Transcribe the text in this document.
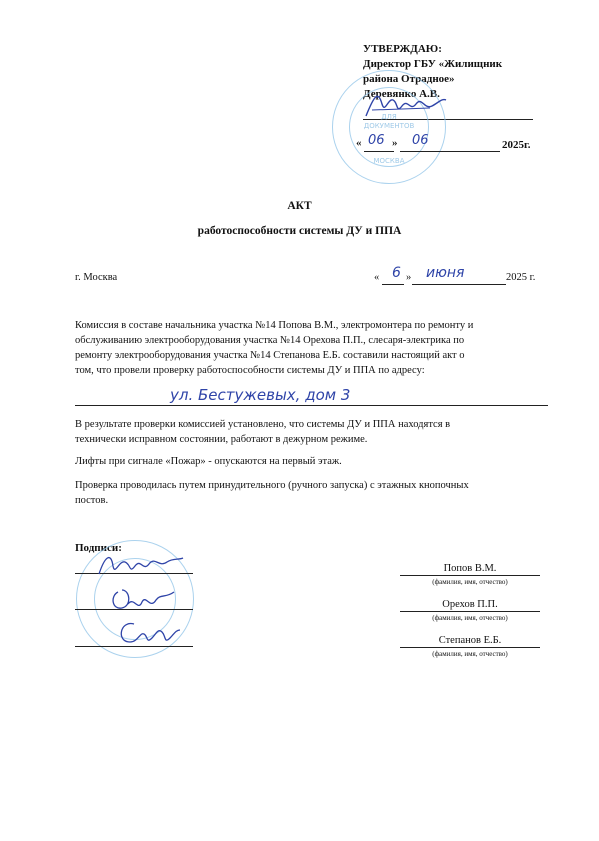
УТВЕРЖДАЮ:
Директор ГБУ «Жилищник
района Отрадное»
Деревянко А.В.
ДЛЯ
ДОКУМЕНТОВ
МОСКВА
« 06 » 06	2025г.
АКТ
работоспособности системы ДУ и ППА
г. Москва	« 6 » июня	2025 г.
Комиссия в составе начальника участка №14 Попова В.М., электромонтера по ремонту и
обслуживанию электрооборудования участка №14 Орехова П.П., слесаря-электрика по
ремонту электрооборудования участка №14 Степанова Е.Б. составили настоящий акт о
том, что провели проверку работоспособности системы ДУ и ППА по адресу:
ул. Бестужевых, дом 3
В результате проверки комиссией установлено, что системы ДУ и ППА находятся в
технически исправном состоянии, работают в дежурном режиме.
Лифты при сигнале «Пожар» - опускаются на первый этаж.
Проверка проводилась путем принудительного (ручного запуска) с этажных кнопочных
постов.
Подписи:
Попов В.М.
(фамилия, имя, отчество)
Орехов П.П.
(фамилия, имя, отчество)
Степанов Е.Б.
(фамилия, имя, отчество)
